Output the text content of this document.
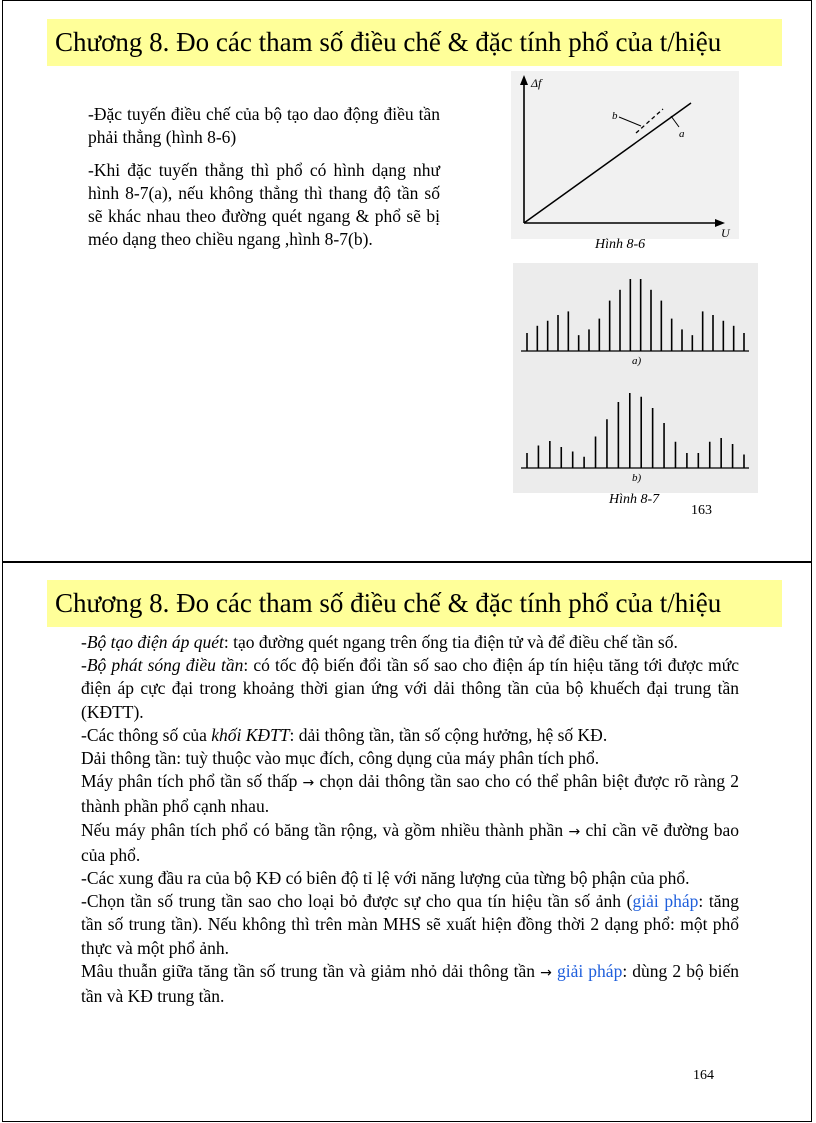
Chương 8. Đo các tham số điều chế & đặc tính phổ của t/hiệu

-Đặc tuyến điều chế của bộ tạo dao động điều tần phải thẳng (hình 8-6)

-Khi đặc tuyến thẳng thì phổ có hình dạng như hình 8-7(a), nếu không thẳng thì thang độ tần số sẽ khác nhau theo đường quét ngang & phổ sẽ bị méo dạng theo chiều ngang ,hình 8-7(b).

Δf
U
a
b
Hình 8-6
a)
b)
Hình 8-7
163
Chương 8. Đo các tham số điều chế & đặc tính phổ của t/hiệu

-Bộ tạo điện áp quét: tạo đường quét ngang trên ống tia điện tử và để điều chế tần số.

-Bộ phát sóng điều tần: có tốc độ biến đổi tần số sao cho điện áp tín hiệu tăng tới được mức điện áp cực đại trong khoảng thời gian ứng với dải thông tần của bộ khuếch đại trung tần (KĐTT).

-Các thông số của khối KĐTT: dải thông tần, tần số cộng hưởng, hệ số KĐ.

Dải thông tần: tuỳ thuộc vào mục đích, công dụng của máy phân tích phổ.

Máy phân tích phổ tần số thấp → chọn dải thông tần sao cho có thể phân biệt được rõ ràng 2 thành phần phổ cạnh nhau.

Nếu máy phân tích phổ có băng tần rộng, và gồm nhiều thành phần → chỉ cần vẽ đường bao của phổ.

-Các xung đầu ra của bộ KĐ có biên độ tỉ lệ với năng lượng của từng bộ phận của phổ.

-Chọn tần số trung tần sao cho loại bỏ được sự cho qua tín hiệu tần số ảnh (giải pháp: tăng tần số trung tần). Nếu không thì trên màn MHS sẽ xuất hiện đồng thời 2 dạng phổ: một phổ thực và một phổ ảnh.

Mâu thuẫn giữa tăng tần số trung tần và giảm nhỏ dải thông tần → giải pháp: dùng 2 bộ biến tần và KĐ trung tần.

164
